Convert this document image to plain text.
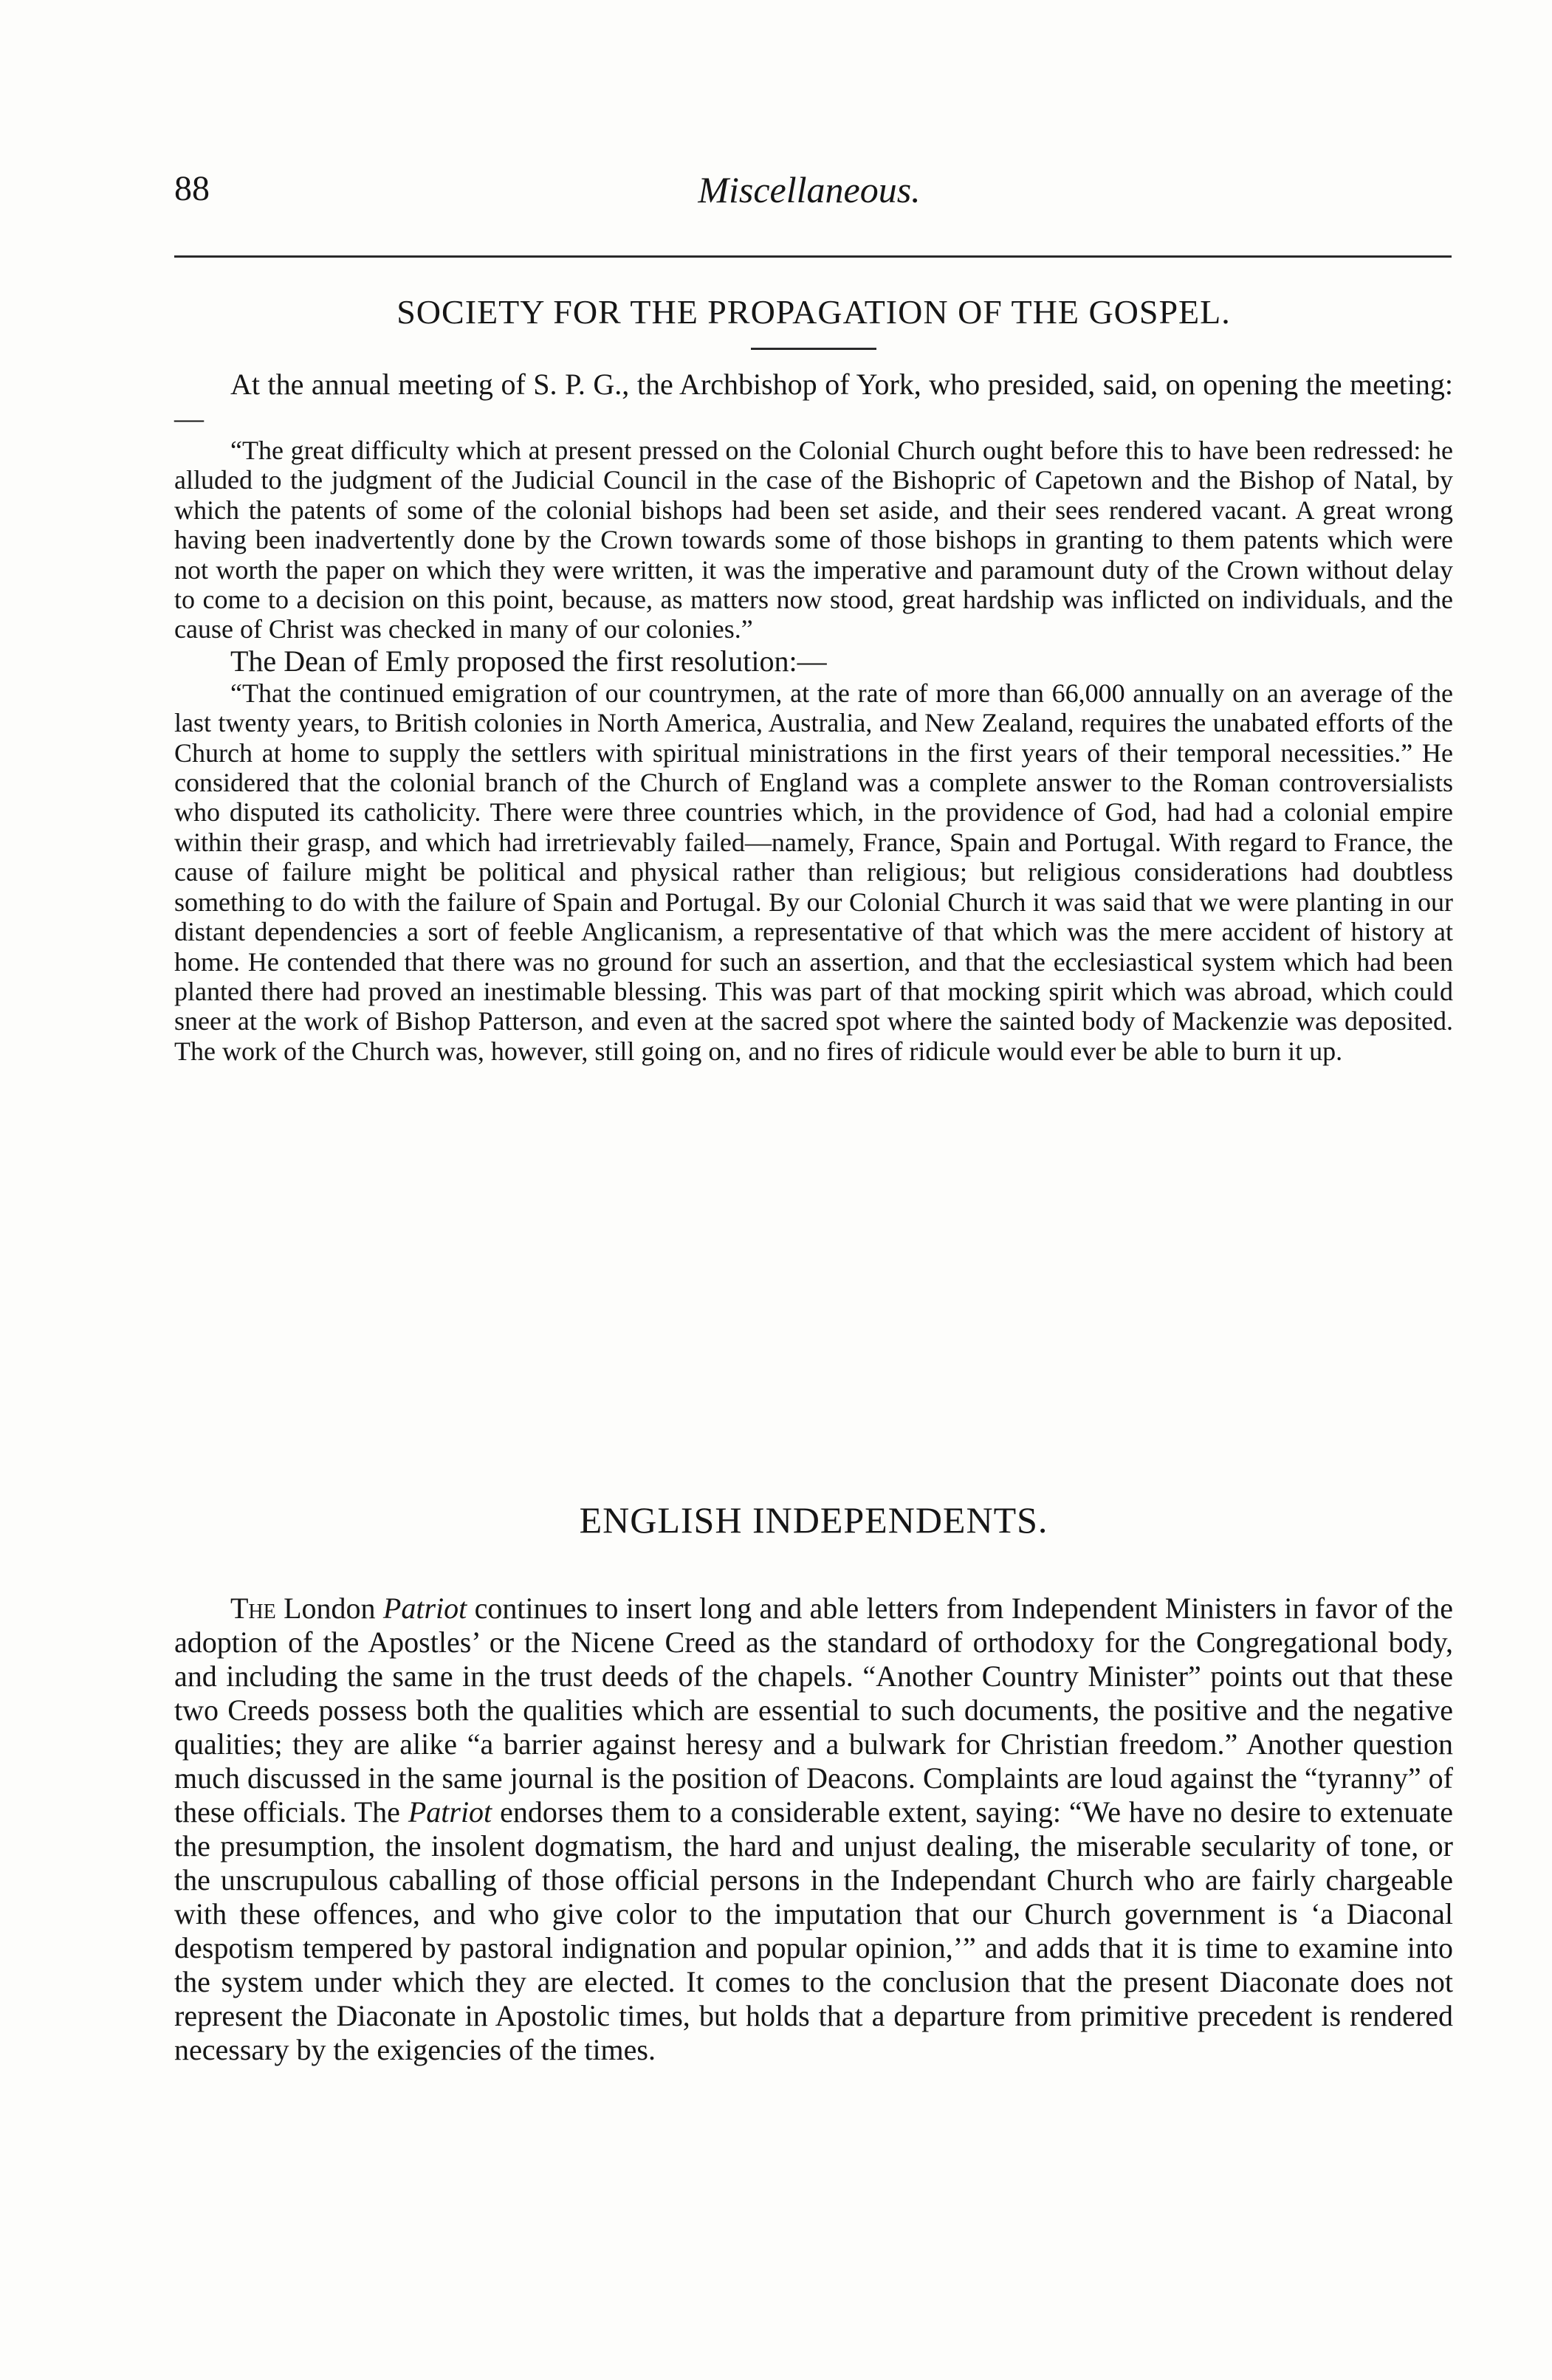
88	Miscellaneous.
SOCIETY FOR THE PROPAGATION OF THE GOSPEL.

At the annual meeting of S. P. G., the Archbishop of York, who presided, said, on opening the meeting:—

“The great difficulty which at present pressed on the Colonial Church ought before this to have been redressed: he alluded to the judgment of the Judicial Council in the case of the Bishopric of Capetown and the Bishop of Natal, by which the patents of some of the colonial bishops had been set aside, and their sees rendered vacant. A great wrong having been inadvertently done by the Crown towards some of those bishops in granting to them patents which were not worth the paper on which they were written, it was the imperative and paramount duty of the Crown without delay to come to a decision on this point, because, as matters now stood, great hardship was inflicted on individuals, and the cause of Christ was checked in many of our colonies.”

The Dean of Emly proposed the first resolution:—

“That the continued emigration of our countrymen, at the rate of more than 66,000 annually on an average of the last twenty years, to British colonies in North America, Australia, and New Zealand, requires the unabated efforts of the Church at home to supply the settlers with spiritual ministrations in the first years of their temporal necessities.” He considered that the colonial branch of the Church of England was a complete answer to the Roman controversialists who disputed its catholicity. There were three countries which, in the providence of God, had had a colonial empire within their grasp, and which had irretrievably failed—namely, France, Spain and Portugal. With regard to France, the cause of failure might be political and physical rather than religious; but religious considerations had doubtless something to do with the failure of Spain and Portugal. By our Colonial Church it was said that we were planting in our distant dependencies a sort of feeble Anglicanism, a representative of that which was the mere accident of history at home. He contended that there was no ground for such an assertion, and that the ecclesiastical system which had been planted there had proved an inestimable blessing. This was part of that mocking spirit which was abroad, which could sneer at the work of Bishop Patterson, and even at the sacred spot where the sainted body of Mackenzie was deposited. The work of the Church was, however, still going on, and no fires of ridicule would ever be able to burn it up.

ENGLISH INDEPENDENTS.

The London Patriot continues to insert long and able letters from Independent Ministers in favor of the adoption of the Apostles’ or the Nicene Creed as the standard of orthodoxy for the Congregational body, and including the same in the trust deeds of the chapels. “Another Country Minister” points out that these two Creeds possess both the qualities which are essential to such documents, the positive and the negative qualities; they are alike “a barrier against heresy and a bulwark for Christian freedom.” Another question much discussed in the same journal is the position of Deacons. Complaints are loud against the “tyranny” of these officials. The Patriot endorses them to a considerable extent, saying: “We have no desire to extenuate the presumption, the insolent dogmatism, the hard and unjust dealing, the miserable secularity of tone, or the unscrupulous caballing of those official persons in the Independant Church who are fairly chargeable with these offences, and who give color to the imputation that our Church government is ‘a Diaconal despotism tempered by pastoral indignation and popular opinion,’” and adds that it is time to examine into the system under which they are elected. It comes to the conclusion that the present Diaconate does not represent the Diaconate in Apostolic times, but holds that a departure from primitive precedent is rendered necessary by the exigencies of the times.
